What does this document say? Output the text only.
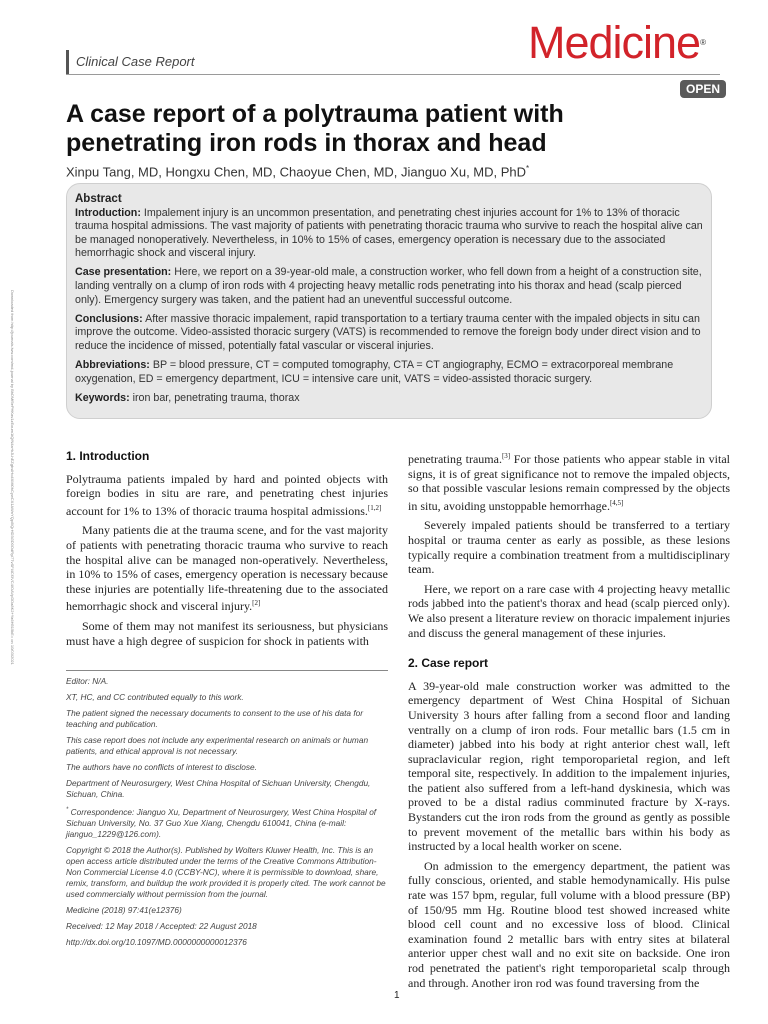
Downloaded from http://journals.lww.com/md-journal by BhDMf5ePHKav1zEoum1tQfN4a+kJLhEZgbsIHo4XMi0hCywCX1AWnYQp/IlQrHD3i3D0OdRyi7TvSFl4Cf3VC4/OAVpDDa8K2+Ya6H515kE= on 10/03/2021
Clinical Case Report	Medicine®
OPEN
A case report of a polytrauma patient with penetrating iron rods in thorax and head
Xinpu Tang, MD, Hongxu Chen, MD, Chaoyue Chen, MD, Jianguo Xu, MD, PhD*
Abstract

Introduction: Impalement injury is an uncommon presentation, and penetrating chest injuries account for 1% to 13% of thoracic trauma hospital admissions. The vast majority of patients with penetrating thoracic trauma who survive to reach the hospital alive can be managed nonoperatively. Nevertheless, in 10% to 15% of cases, emergency operation is necessary due to the associated hemorrhagic shock and visceral injury.

Case presentation: Here, we report on a 39-year-old male, a construction worker, who fell down from a height of a construction site, landing ventrally on a clump of iron rods with 4 projecting heavy metallic rods penetrating into his thorax and head (scalp pierced only). Emergency surgery was taken, and the patient had an uneventful successful outcome.

Conclusions: After massive thoracic impalement, rapid transportation to a tertiary trauma center with the impaled objects in situ can improve the outcome. Video-assisted thoracic surgery (VATS) is recommended to remove the foreign body under direct vision and to reduce the incidence of missed, potentially fatal vascular or visceral injuries.

Abbreviations: BP = blood pressure, CT = computed tomography, CTA = CT angiography, ECMO = extracorporeal membrane oxygenation, ED = emergency department, ICU = intensive care unit, VATS = video-assisted thoracic surgery.

Keywords: iron bar, penetrating trauma, thorax

1. Introduction

Polytrauma patients impaled by hard and pointed objects with foreign bodies in situ are rare, and penetrating chest injuries account for 1% to 13% of thoracic trauma hospital admissions.[1,2]

Many patients die at the trauma scene, and for the vast majority of patients with penetrating thoracic trauma who survive to reach the hospital alive can be managed non-operatively. Nevertheless, in 10% to 15% of cases, emergency operation is necessary because these injuries are potentially life-threatening due to the associated hemorrhagic shock and visceral injury.[2]

Some of them may not manifest its seriousness, but physicians must have a high degree of suspicion for shock in patients with

Editor: N/A.

XT, HC, and CC contributed equally to this work.

The patient signed the necessary documents to consent to the use of his data for teaching and publication.

This case report does not include any experimental research on animals or human patients, and ethical approval is not necessary.

The authors have no conflicts of interest to disclose.

Department of Neurosurgery, West China Hospital of Sichuan University, Chengdu, Sichuan, China.

* Correspondence: Jianguo Xu, Department of Neurosurgery, West China Hospital of Sichuan University, No. 37 Guo Xue Xiang, Chengdu 610041, China (e-mail: jianguo_1229@126.com).

Copyright © 2018 the Author(s). Published by Wolters Kluwer Health, Inc. This is an open access article distributed under the terms of the Creative Commons Attribution-Non Commercial License 4.0 (CCBY-NC), where it is permissible to download, share, remix, transform, and buildup the work provided it is properly cited. The work cannot be used commercially without permission from the journal.

Medicine (2018) 97:41(e12376)

Received: 12 May 2018 / Accepted: 22 August 2018

http://dx.doi.org/10.1097/MD.0000000000012376

penetrating trauma.[3] For those patients who appear stable in vital signs, it is of great significance not to remove the impaled objects, so that possible vascular lesions remain compressed by the objects in situ, avoiding unstoppable hemorrhage.[4,5]

Severely impaled patients should be transferred to a tertiary hospital or trauma center as early as possible, as these lesions typically require a combination treatment from a multidisciplinary team.

Here, we report on a rare case with 4 projecting heavy metallic rods jabbed into the patient's thorax and head (scalp pierced only). We also present a literature review on thoracic impalement injuries and discuss the general management of these injuries.

2. Case report

A 39-year-old male construction worker was admitted to the emergency department of West China Hospital of Sichuan University 3 hours after falling from a second floor and landing ventrally on a clump of iron rods. Four metallic bars (1.5 cm in diameter) jabbed into his body at right anterior chest wall, left supraclavicular region, right temporoparietal region, and left temporal site, respectively. In addition to the impalement injuries, the patient also suffered from a left-hand dyskinesia, which was proved to be a distal radius comminuted fracture by X-rays. Bystanders cut the iron rods from the ground as gently as possible to prevent movement of the metallic bars within his body as instructed by a local health worker on scene.

On admission to the emergency department, the patient was fully conscious, oriented, and stable hemodynamically. His pulse rate was 157 bpm, regular, full volume with a blood pressure (BP) of 150/95 mm Hg. Routine blood test showed increased white blood cell count and no excessive loss of blood. Clinical examination found 2 metallic bars with entry sites at bilateral anterior upper chest wall and no exit site on backside. One iron rod penetrated the patient's right temporoparietal scalp through and through. Another iron rod was found traversing from the

1
